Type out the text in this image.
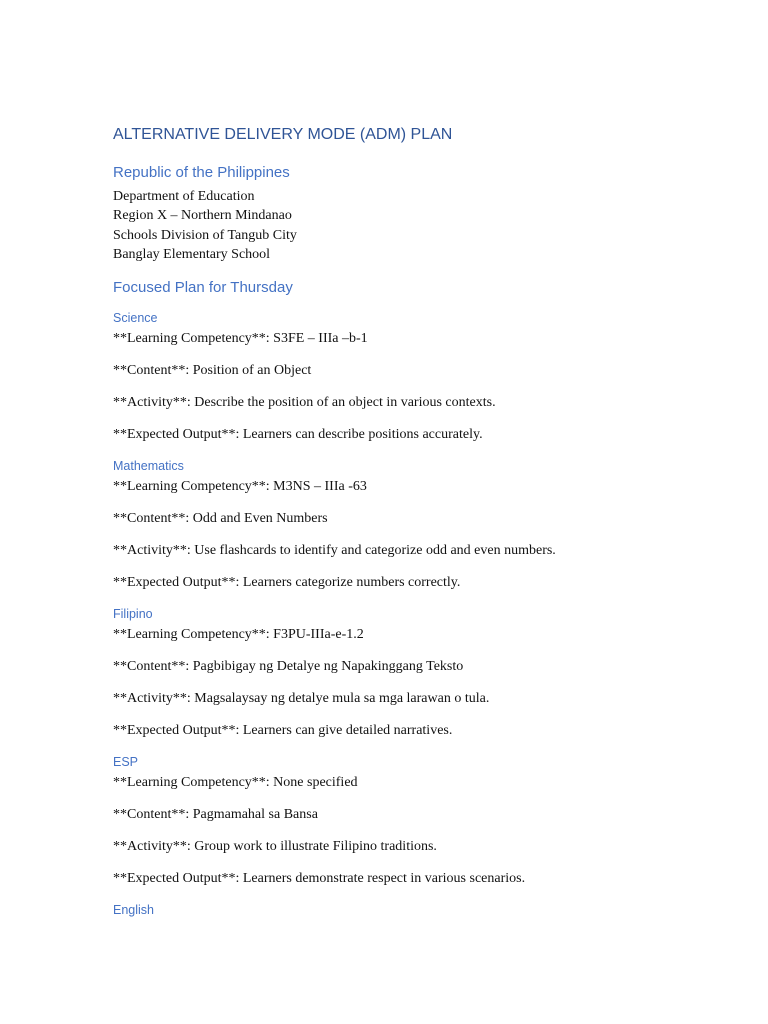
ALTERNATIVE DELIVERY MODE (ADM) PLAN
Republic of the Philippines
Department of Education
Region X – Northern Mindanao
Schools Division of Tangub City
Banglay Elementary School
Focused Plan for Thursday
Science
**Learning Competency**: S3FE – IIIa –b-1
**Content**: Position of an Object
**Activity**: Describe the position of an object in various contexts.
**Expected Output**: Learners can describe positions accurately.
Mathematics
**Learning Competency**: M3NS – IIIa -63
**Content**: Odd and Even Numbers
**Activity**: Use flashcards to identify and categorize odd and even numbers.
**Expected Output**: Learners categorize numbers correctly.
Filipino
**Learning Competency**: F3PU-IIIa-e-1.2
**Content**: Pagbibigay ng Detalye ng Napakinggang Teksto
**Activity**: Magsalaysay ng detalye mula sa mga larawan o tula.
**Expected Output**: Learners can give detailed narratives.
ESP
**Learning Competency**: None specified
**Content**: Pagmamahal sa Bansa
**Activity**: Group work to illustrate Filipino traditions.
**Expected Output**: Learners demonstrate respect in various scenarios.
English
